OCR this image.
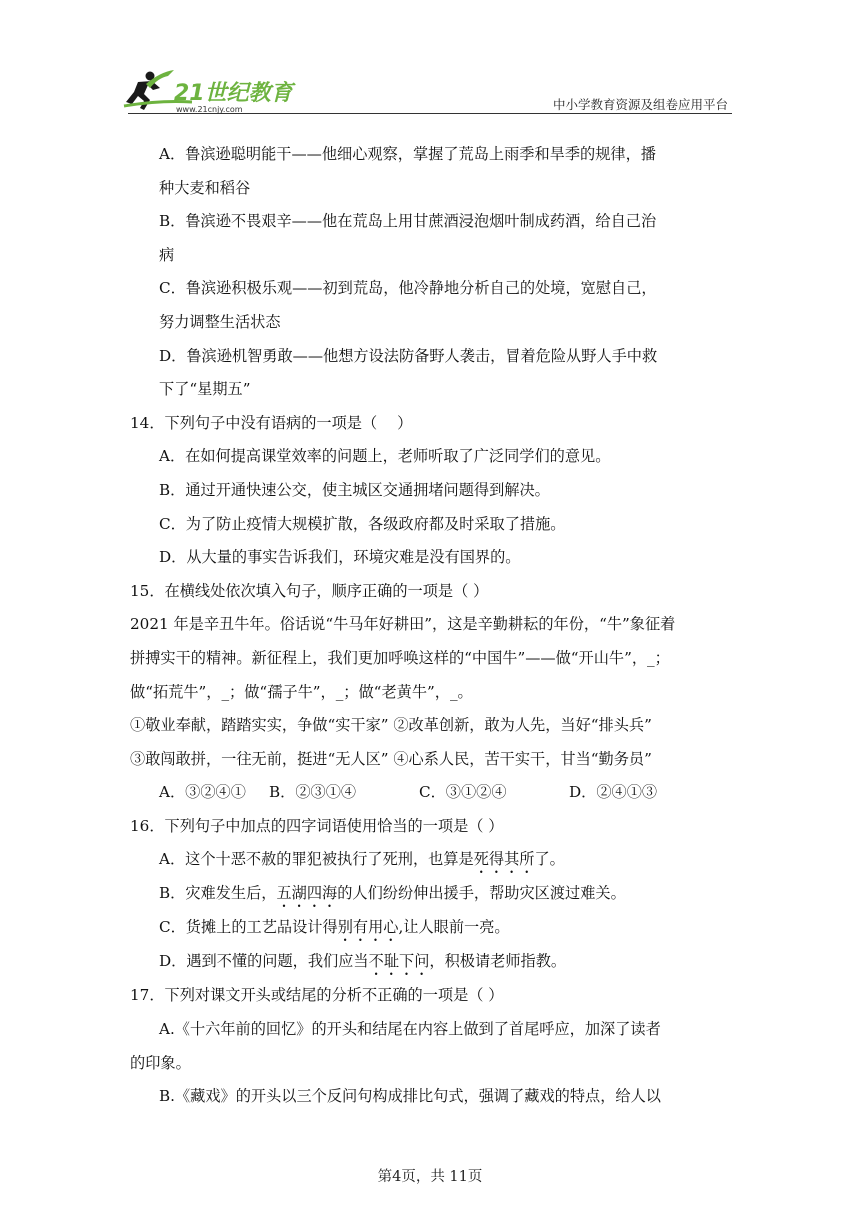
21世纪教育
www.21cnjy.com	中小学教育资源及组卷应用平台

A．鲁滨逊聪明能干——他细心观察，掌握了荒岛上雨季和旱季的规律，播

种大麦和稻谷

B．鲁滨逊不畏艰辛——他在荒岛上用甘蔗酒浸泡烟叶制成药酒，给自己治

病

C．鲁滨逊积极乐观——初到荒岛，他冷静地分析自己的处境，宽慰自己，

努力调整生活状态

D．鲁滨逊机智勇敢——他想方设法防备野人袭击，冒着危险从野人手中救

下了“星期五”

14．下列句子中没有语病的一项是（　 ）

A．在如何提高课堂效率的问题上，老师听取了广泛同学们的意见。

B．通过开通快速公交，使主城区交通拥堵问题得到解决。

C．为了防止疫情大规模扩散，各级政府都及时采取了措施。

D．从大量的事实告诉我们，环境灾难是没有国界的。

15．在横线处依次填入句子，顺序正确的一项是（ ）

2021 年是辛丑牛年。俗话说“牛马年好耕田”，这是辛勤耕耘的年份，“牛”象征着

拼搏实干的精神。新征程上，我们更加呼唤这样的“中国牛”——做“开山牛”，_；

做“拓荒牛”，_；做“孺子牛”，_；做“老黄牛”，_。

①敬业奉献，踏踏实实，争做“实干家” ②改革创新，敢为人先，当好“排头兵”

③敢闯敢拼，一往无前，挺进“无人区” ④心系人民，苦干实干，甘当“勤务员”

A．③②④① B．②③①④	C．③①②④	D．②④①③

16．下列句子中加点的四字词语使用恰当的一项是（ ）

A．这个十恶不赦的罪犯被执行了死刑，也算是死得其所了。

B．灾难发生后，五湖四海的人们纷纷伸出援手，帮助灾区渡过难关。

C．货摊上的工艺品设计得别有用心,让人眼前一亮。

D．遇到不懂的问题，我们应当不耻下问，积极请老师指教。

17．下列对课文开头或结尾的分析不正确的一项是（ ）

A.《十六年前的回忆》的开头和结尾在内容上做到了首尾呼应，加深了读者

的印象。

B.《藏戏》的开头以三个反问句构成排比句式，强调了藏戏的特点，给人以

第4页，共 11页
